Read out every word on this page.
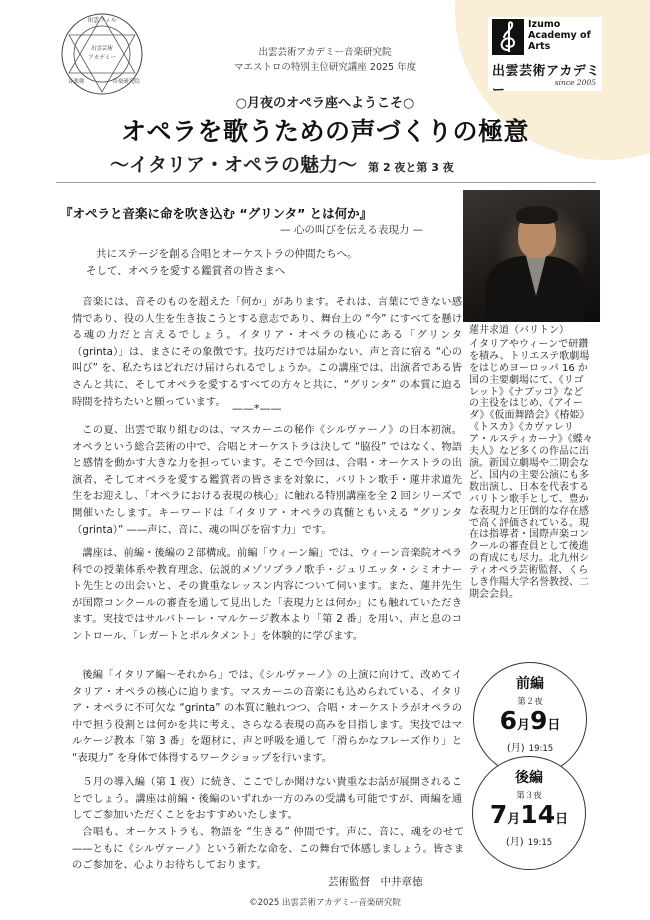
出雲フィル
出雲芸術
アカデミー
音楽塾	音楽研究院
出雲芸術アカデミー音楽研究院
マエストロの特別主位研究講座 2025 年度
Izumo
Academy of
Arts
出雲芸術アカデミー
since 2005
○月夜のオペラ座へようこそ○
オペラを歌うための声づくりの極意
〜イタリア・オペラの魅力〜 第 2 夜と第 3 夜
蓮井求道（バリトン）
イタリアやウィーンで研鑽を積み、トリエステ歌劇場をはじめヨーロッパ 16 か国の主要劇場にて、《リゴレット》《ナブッコ》などの主役をはじめ、《アイーダ》《仮面舞踏会》《椿姫》《トスカ》《カヴァレリア・ルスティカーナ》《蝶々夫人》など多くの作品に出演。新国立劇場や二期会など、国内の主要公演にも多数出演し、日本を代表するバリトン歌手として、豊かな表現力と圧倒的な存在感で高く評価されている。現在は指導者・国際声楽コンクールの審査員として後進の育成にも尽力。北九州シティオペラ芸術監督、くらしき作陽大学名誉教授、二期会会員。
『オペラと音楽に命を吹き込む “グリンタ” とは何か』
— 心の叫びを伝える表現力 —

共にステージを創る合唱とオーケストラの仲間たちへ。

そして、オペラを愛する鑑賞者の皆さまへ

音楽には、音そのものを超えた「何か」があります。それは、言葉にできない感情であり、役の人生を生き抜こうとする意志であり、舞台上の “今” にすべてを懸ける魂の力だと言えるでしょう。イタリア・オペラの核心にある「グリンタ（grinta）」は、まさにその象徴です。技巧だけでは届かない、声と音に宿る “心の叫び” を、私たちはどれだけ届けられるでしょうか。この講座では、出演者である皆さんと共に、そしてオペラを愛するすべての方々と共に、“グリンタ” の本質に迫る時間を持ちたいと願っています。

——*——

この夏、出雲で取り組むのは、マスカーニの秘作《シルヴァーノ》の日本初演。オペラという総合芸術の中で、合唱とオーケストラは決して “脇役” ではなく、物語と感情を動かす大きな力を担っています。そこで今回は、合唱・オーケストラの出演者、そしてオペラを愛する鑑賞者の皆さまを対象に、バリトン歌手・蓮井求道先生をお迎えし、「オペラにおける表現の核心」に触れる特別講座を全 2 回シリーズで開催いたします。キーワードは「イタリア・オペラの真髄ともいえる “グリンタ（grinta）” ——声に、音に、魂の叫びを宿す力」です。

講座は、前編・後編の２部構成。前編「ウィーン編」では、ウィーン音楽院オペラ科での授業体系や教育理念、伝説的メゾソプラノ歌手・ジュリエッタ・シミオナート先生との出会いと、その貴重なレッスン内容について伺います。また、蓮井先生が国際コンクールの審査を通して見出した「表現力とは何か」にも触れていただきます。実技ではサルバトーレ・マルケージ教本より「第 2 番」を用い、声と息のコントロール、「レガートとポルタメント」を体験的に学びます。

後編「イタリア編〜それから」では、《シルヴァーノ》の上演に向けて、改めてイタリア・オペラの核心に迫ります。マスカーニの音楽にも込められている、イタリア・オペラに不可欠な “grinta” の本質に触れつつ、合唱・オーケストラがオペラの中で担う役割とは何かを共に考え、さらなる表現の高みを目指します。実技ではマルケージ教本「第 3 番」を題材に、声と呼吸を通して「滑らかなフレーズ作り」と “表現力” を身体で体得するワークショップを行います。

５月の導入編（第 1 夜）に続き、ここでしか聞けない貴重なお話が展開されることでしょう。講座は前編・後編のいずれか一方のみの受講も可能ですが、両編を通してご参加いただくことをおすすめいたします。

合唱も、オーケストラも、物語を “生きる” 仲間です。声に、音に、魂をのせて——ともに《シルヴァーノ》という新たな命を、この舞台で体感しましょう。皆さまのご参加を、心よりお待ちしております。

芸術監督　中井章徳
前編
第２夜
6月9日
(月) 19:15
後編
第３夜
7月14日
(月) 19:15
©2025 出雲芸術アカデミー音楽研究院
